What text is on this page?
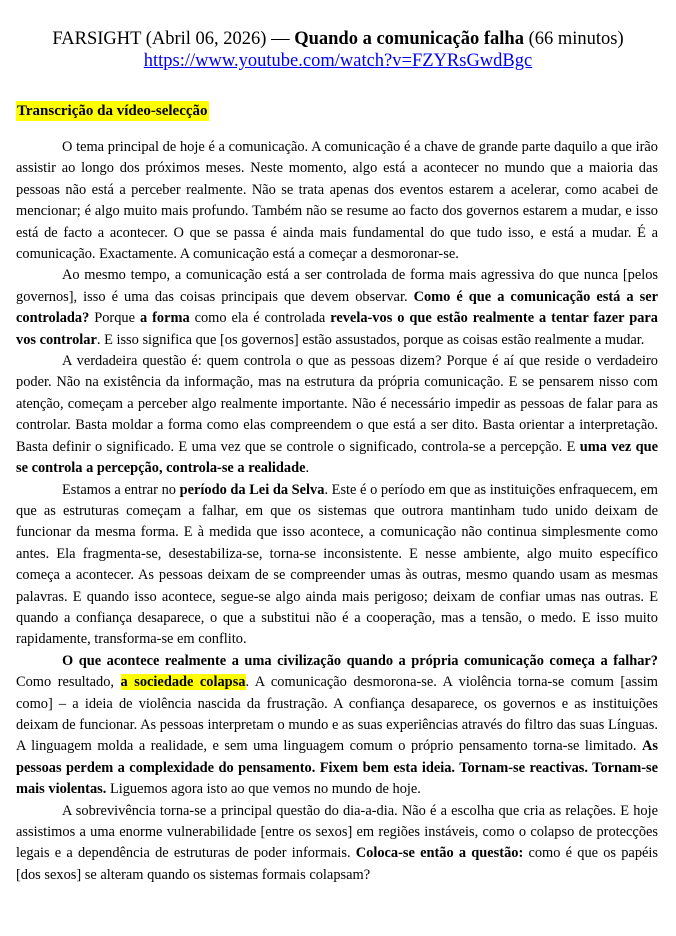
FARSIGHT (Abril 06, 2026) — Quando a comunicação falha (66 minutos)
https://www.youtube.com/watch?v=FZYRsGwdBgc
Transcrição da vídeo-selecção

O tema principal de hoje é a comunicação. A comunicação é a chave de grande parte daquilo a que irão assistir ao longo dos próximos meses. Neste momento, algo está a acontecer no mundo que a maioria das pessoas não está a perceber realmente. Não se trata apenas dos eventos estarem a acelerar, como acabei de mencionar; é algo muito mais profundo. Também não se resume ao facto dos governos estarem a mudar, e isso está de facto a acontecer. O que se passa é ainda mais fundamental do que tudo isso, e está a mudar. É a comunicação. Exactamente. A comunicação está a começar a desmoronar-se.

Ao mesmo tempo, a comunicação está a ser controlada de forma mais agressiva do que nunca [pelos governos], isso é uma das coisas principais que devem observar. Como é que a comunicação está a ser controlada? Porque a forma como ela é controlada revela-vos o que estão realmente a tentar fazer para vos controlar. E isso significa que [os governos] estão assustados, porque as coisas estão realmente a mudar.

A verdadeira questão é: quem controla o que as pessoas dizem? Porque é aí que reside o verdadeiro poder. Não na existência da informação, mas na estrutura da própria comunicação. E se pensarem nisso com atenção, começam a perceber algo realmente importante. Não é necessário impedir as pessoas de falar para as controlar. Basta moldar a forma como elas compreendem o que está a ser dito. Basta orientar a interpretação. Basta definir o significado. E uma vez que se controle o significado, controla-se a percepção. E uma vez que se controla a percepção, controla-se a realidade.

Estamos a entrar no período da Lei da Selva. Este é o período em que as instituições enfraquecem, em que as estruturas começam a falhar, em que os sistemas que outrora mantinham tudo unido deixam de funcionar da mesma forma. E à medida que isso acontece, a comunicação não continua simplesmente como antes. Ela fragmenta-se, desestabiliza-se, torna-se inconsistente. E nesse ambiente, algo muito específico começa a acontecer. As pessoas deixam de se compreender umas às outras, mesmo quando usam as mesmas palavras. E quando isso acontece, segue-se algo ainda mais perigoso; deixam de confiar umas nas outras. E quando a confiança desaparece, o que a substitui não é a cooperação, mas a tensão, o medo. E isso muito rapidamente, transforma-se em conflito.

O que acontece realmente a uma civilização quando a própria comunicação começa a falhar? Como resultado, a sociedade colapsa. A comunicação desmorona-se. A violência torna-se comum [assim como] – a ideia de violência nascida da frustração. A confiança desaparece, os governos e as instituições deixam de funcionar. As pessoas interpretam o mundo e as suas experiências através do filtro das suas Línguas. A linguagem molda a realidade, e sem uma linguagem comum o próprio pensamento torna-se limitado. As pessoas perdem a complexidade do pensamento. Fixem bem esta ideia. Tornam-se reactivas. Tornam-se mais violentas. Liguemos agora isto ao que vemos no mundo de hoje.

A sobrevivência torna-se a principal questão do dia-a-dia. Não é a escolha que cria as relações. E hoje assistimos a uma enorme vulnerabilidade [entre os sexos] em regiões instáveis, como o colapso de protecções legais e a dependência de estruturas de poder informais. Coloca-se então a questão: como é que os papéis [dos sexos] se alteram quando os sistemas formais colapsam?
